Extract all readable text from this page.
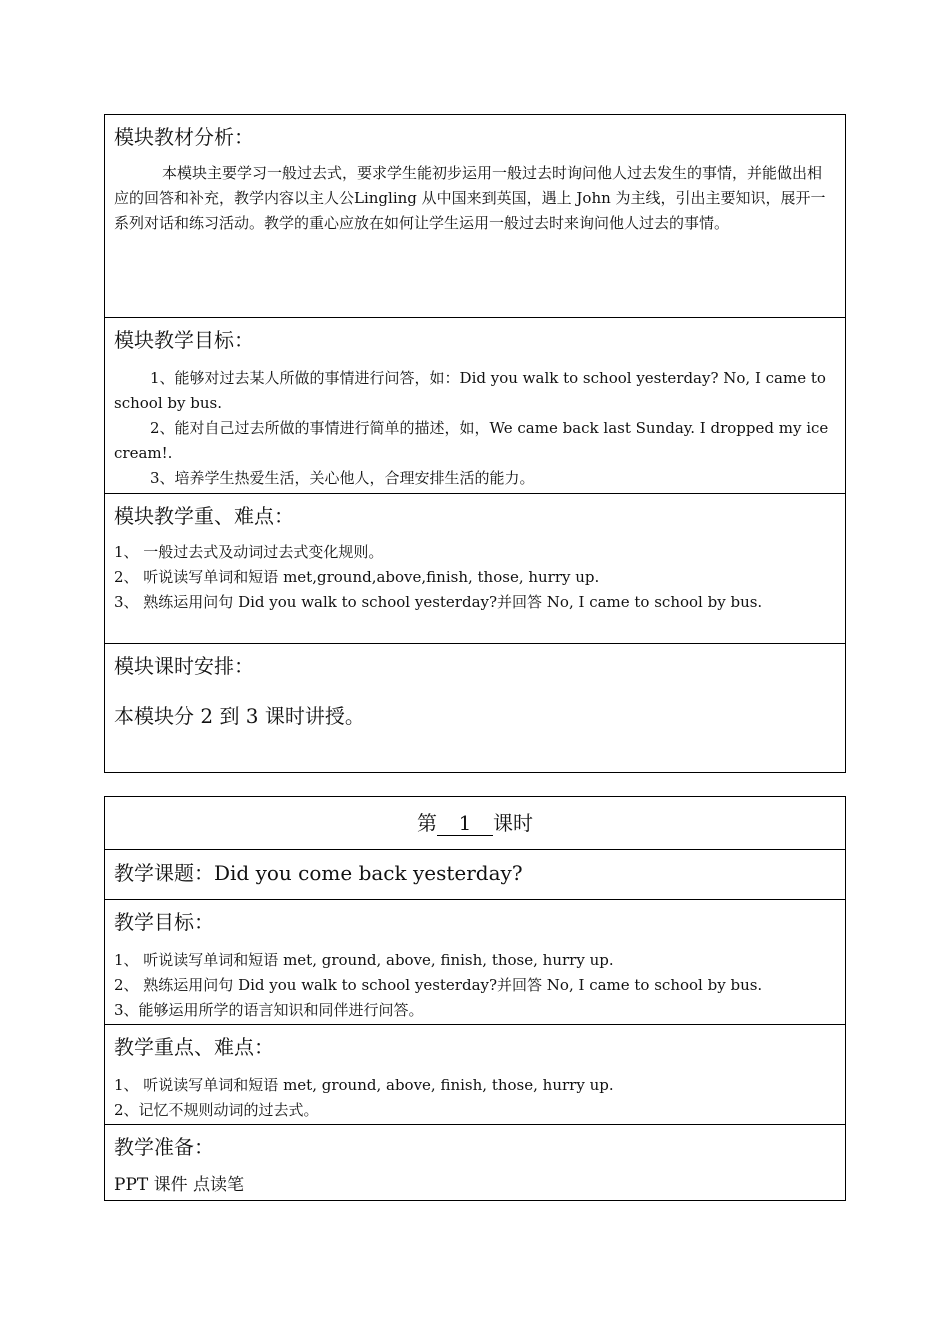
模块教材分析：

本模块主要学习一般过去式，要求学生能初步运用一般过去时询问他人过去发生的事情，并能做出相应的回答和补充，教学内容以主人公Lingling 从中国来到英国，遇上 John 为主线，引出主要知识，展开一系列对话和练习活动。教学的重心应放在如何让学生运用一般过去时来询问他人过去的事情。

模块教学目标：

1、能够对过去某人所做的事情进行问答，如：Did you walk to school yesterday? No, I came to school by bus.

2、能对自己过去所做的事情进行简单的描述，如，We came back last Sunday. I dropped my ice cream!.

3、培养学生热爱生活，关心他人，合理安排生活的能力。

模块教学重、难点：

1、 一般过去式及动词过去式变化规则。

2、 听说读写单词和短语 met,ground,above,finish, those, hurry up.

3、 熟练运用问句 Did you walk to school yesterday?并回答 No, I came to school by bus.

模块课时安排：

本模块分 2 到 3 课时讲授。

第 1 课时
教学课题：Did you come back yesterday?
教学目标：

1、 听说读写单词和短语 met, ground, above, finish, those, hurry up.

2、 熟练运用问句 Did you walk to school yesterday?并回答 No, I came to school by bus.

3、能够运用所学的语言知识和同伴进行问答。

教学重点、难点：

1、 听说读写单词和短语 met, ground, above, finish, those, hurry up.

2、记忆不规则动词的过去式。

教学准备：

PPT 课件 点读笔
